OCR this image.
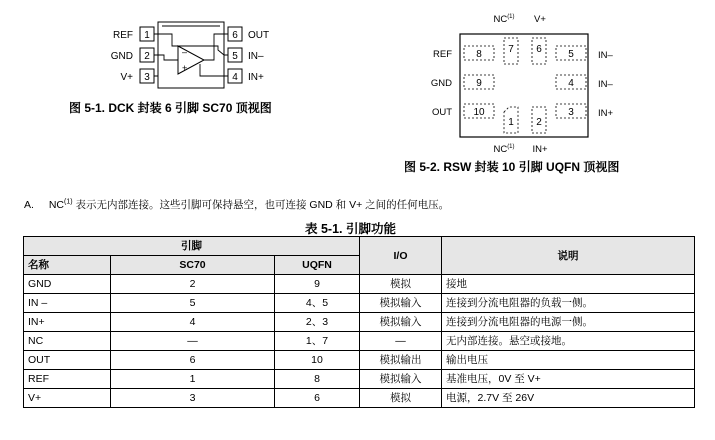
1
2
3
REF
GND
V+
6
5
4
OUT
IN–
IN+
–
+
图 5-1. DCK 封装 6 引脚 SC70 顶视图
NC$^{(1)}$ V+
$NC^{(1)}$ IN+
REF
GND
OUT
IN–
IN–
IN+
8
9
10
5
4
3
7 6
1 2
图 5-2. RSW 封装 10 引脚 UQFN 顶视图
A. NC$^{(1)}$ 表示无内部连接。这些引脚可保持悬空，也可连接 GND 和 V+ 之间的任何电压。
表 5-1. 引脚功能
引脚			I/O	说明
名称	SC70	UQFN		
GND	2	9	模拟	接地
IN –	5	4、5	模拟输入	连接到分流电阻器的负载一侧。
IN+	4	2、3	模拟输入	连接到分流电阻器的电源一侧。
NC	—	1、7	—	无内部连接。悬空或接地。
OUT	6	10	模拟输出	输出电压
REF	1	8	模拟输入	基准电压，0V 至 V+
V+	3	6	模拟	电源，2.7V 至 26V
